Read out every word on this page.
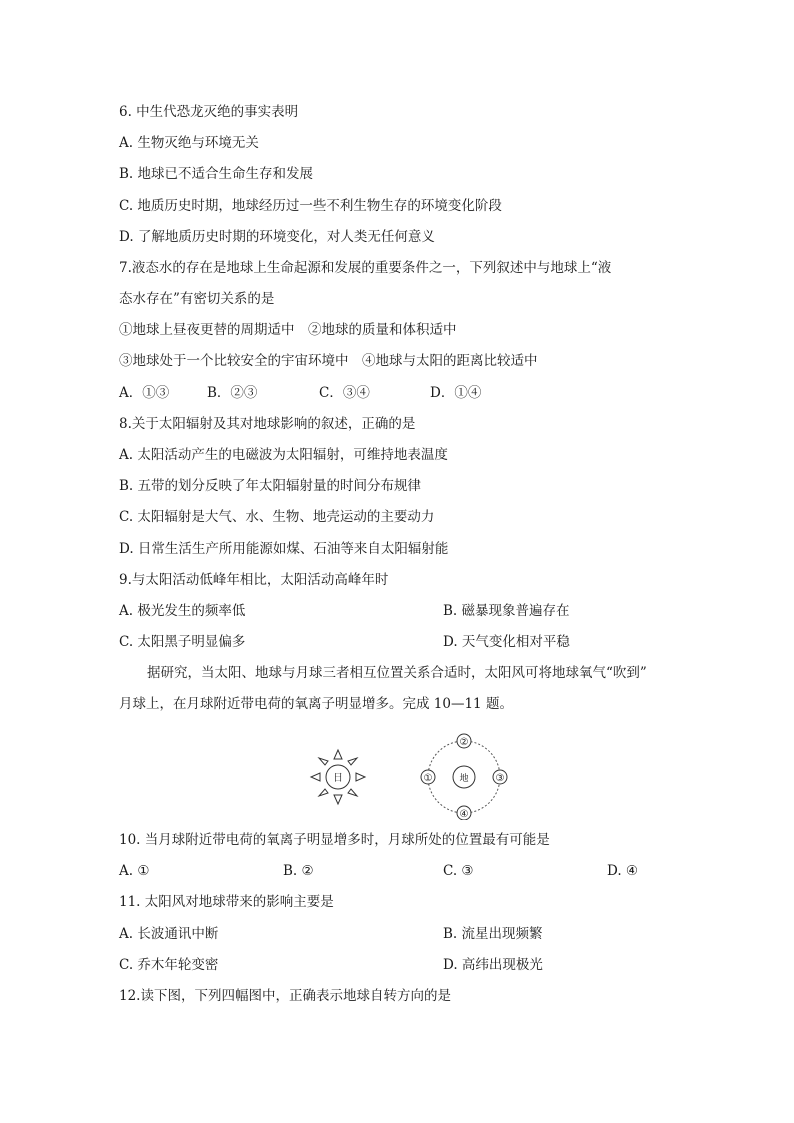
6. 中生代恐龙灭绝的事实表明
A. 生物灭绝与环境无关
B. 地球已不适合生命生存和发展
C. 地质历史时期，地球经历过一些不利生物生存的环境变化阶段
D. 了解地质历史时期的环境变化，对人类无任何意义
7.液态水的存在是地球上生命起源和发展的重要条件之一，下列叙述中与地球上“液
态水存在”有密切关系的是
①地球上昼夜更替的周期适中　②地球的质量和体积适中
③地球处于一个比较安全的宇宙环境中　④地球与太阳的距离比较适中
A．①③	B．②③	C．③④	D．①④
8.关于太阳辐射及其对地球影响的叙述，正确的是
A. 太阳活动产生的电磁波为太阳辐射，可维持地表温度
B. 五带的划分反映了年太阳辐射量的时间分布规律
C. 太阳辐射是大气、水、生物、地壳运动的主要动力
D. 日常生活生产所用能源如煤、石油等来自太阳辐射能
9.与太阳活动低峰年相比，太阳活动高峰年时
A. 极光发生的频率低	B. 磁暴现象普遍存在
C. 太阳黑子明显偏多	D. 天气变化相对平稳
据研究，当太阳、地球与月球三者相互位置关系合适时，太阳风可将地球氧气“吹到”
月球上，在月球附近带电荷的氧离子明显增多。完成 10—11 题。
日	地
①
②
③
④
10. 当月球附近带电荷的氧离子明显增多时，月球所处的位置最有可能是
A. ①	B. ②	C. ③	D. ④
11. 太阳风对地球带来的影响主要是
A. 长波通讯中断	B. 流星出现频繁
C. 乔木年轮变密	D. 高纬出现极光
12.读下图，下列四幅图中，正确表示地球自转方向的是
